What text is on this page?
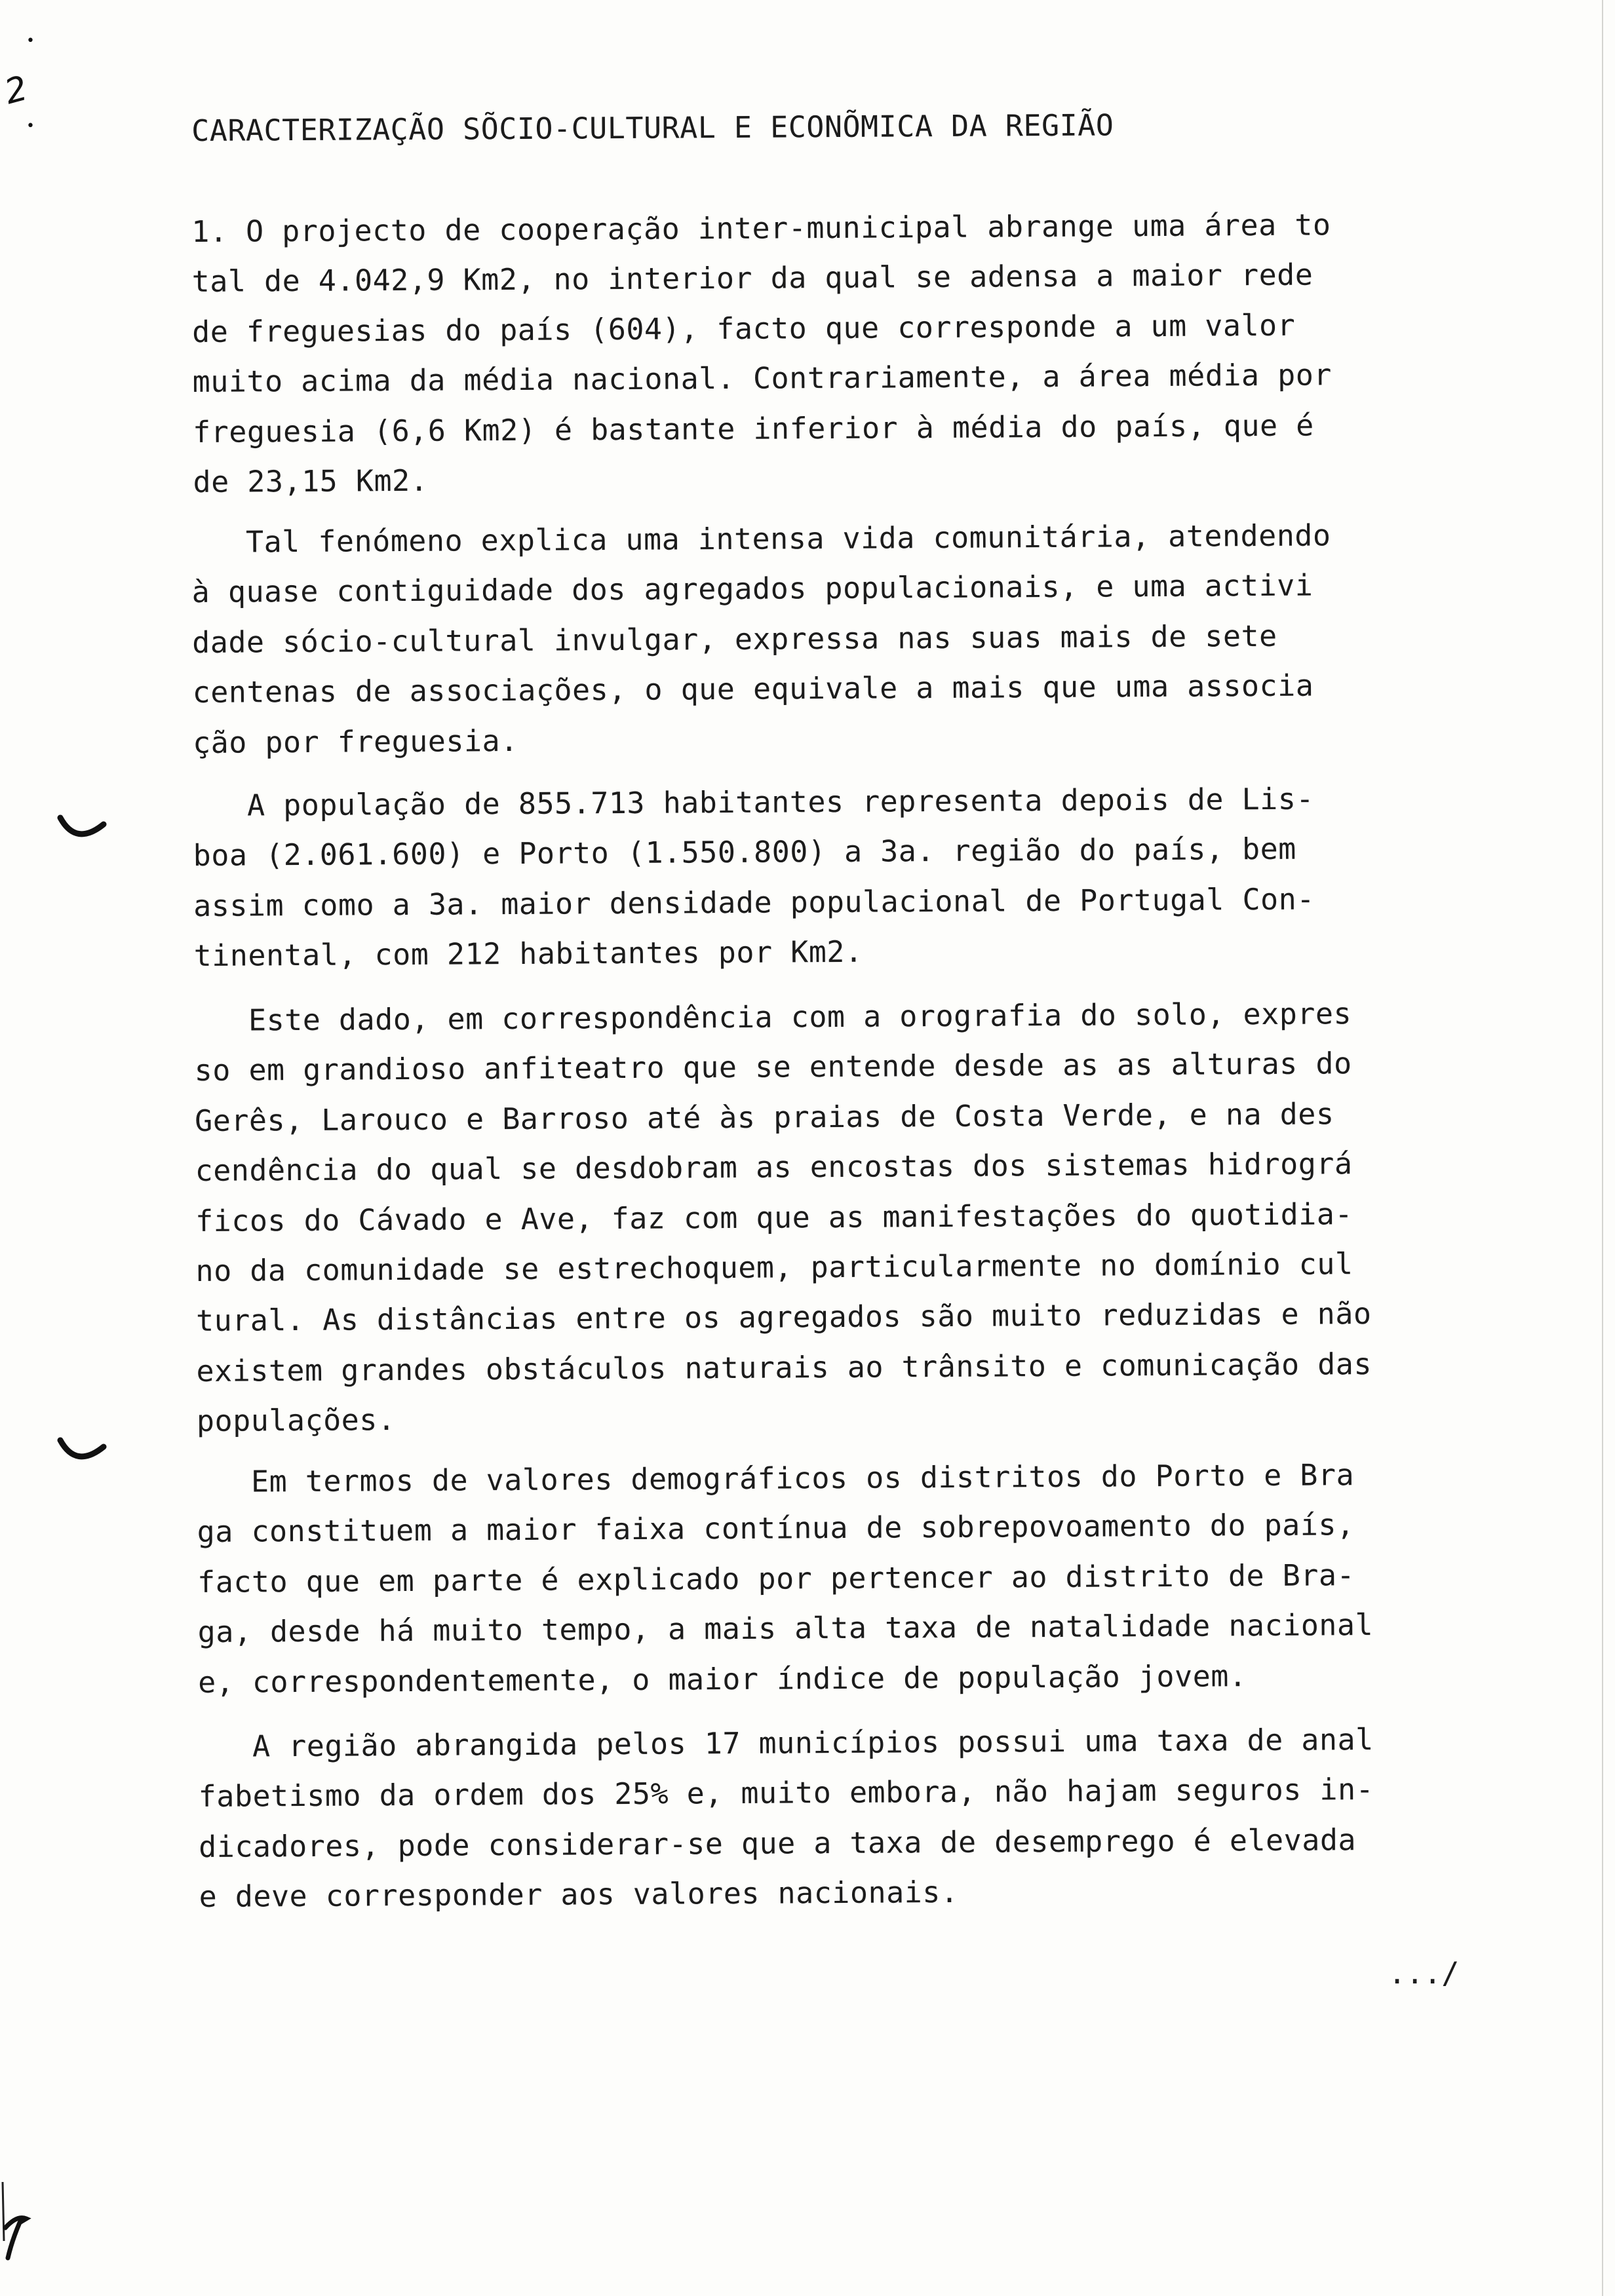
2
•
•	CARACTERIZAÇÃO SÕCIO-CULTURAL E ECONÕMICA DA REGIÃO
1. O projecto de cooperação inter-municipal abrange uma área to
tal de 4.042,9 Km2, no interior da qual se adensa a maior rede
de freguesias do país (604), facto que corresponde a um valor
muito acima da média nacional. Contrariamente, a área média por
freguesia (6,6 Km2) é bastante inferior à média do país, que é
de 23,15 Km2.
Tal fenómeno explica uma intensa vida comunitária, atendendo
à quase contiguidade dos agregados populacionais, e uma activi
dade sócio-cultural invulgar, expressa nas suas mais de sete
centenas de associações, o que equivale a mais que uma associa
ção por freguesia.
A população de 855.713 habitantes representa depois de Lis-
boa (2.061.600) e Porto (1.550.800) a 3a. região do país, bem
assim como a 3a. maior densidade populacional de Portugal Con-
tinental, com 212 habitantes por Km2.
Este dado, em correspondência com a orografia do solo, expres
so em grandioso anfiteatro que se entende desde as as alturas do
Gerês, Larouco e Barroso até às praias de Costa Verde, e na des
cendência do qual se desdobram as encostas dos sistemas hidrográ
ficos do Cávado e Ave, faz com que as manifestações do quotidia-
no da comunidade se estrechoquem, particularmente no domínio cul
tural. As distâncias entre os agregados são muito reduzidas e não
existem grandes obstáculos naturais ao trânsito e comunicação das
populações.
Em termos de valores demográficos os distritos do Porto e Bra
ga constituem a maior faixa contínua de sobrepovoamento do país,
facto que em parte é explicado por pertencer ao distrito de Bra-
ga, desde há muito tempo, a mais alta taxa de natalidade nacional
e, correspondentemente, o maior índice de população jovem.
A região abrangida pelos 17 municípios possui uma taxa de anal
fabetismo da ordem dos 25% e, muito embora, não hajam seguros in-
dicadores, pode considerar-se que a taxa de desemprego é elevada
e deve corresponder aos valores nacionais.
.../
